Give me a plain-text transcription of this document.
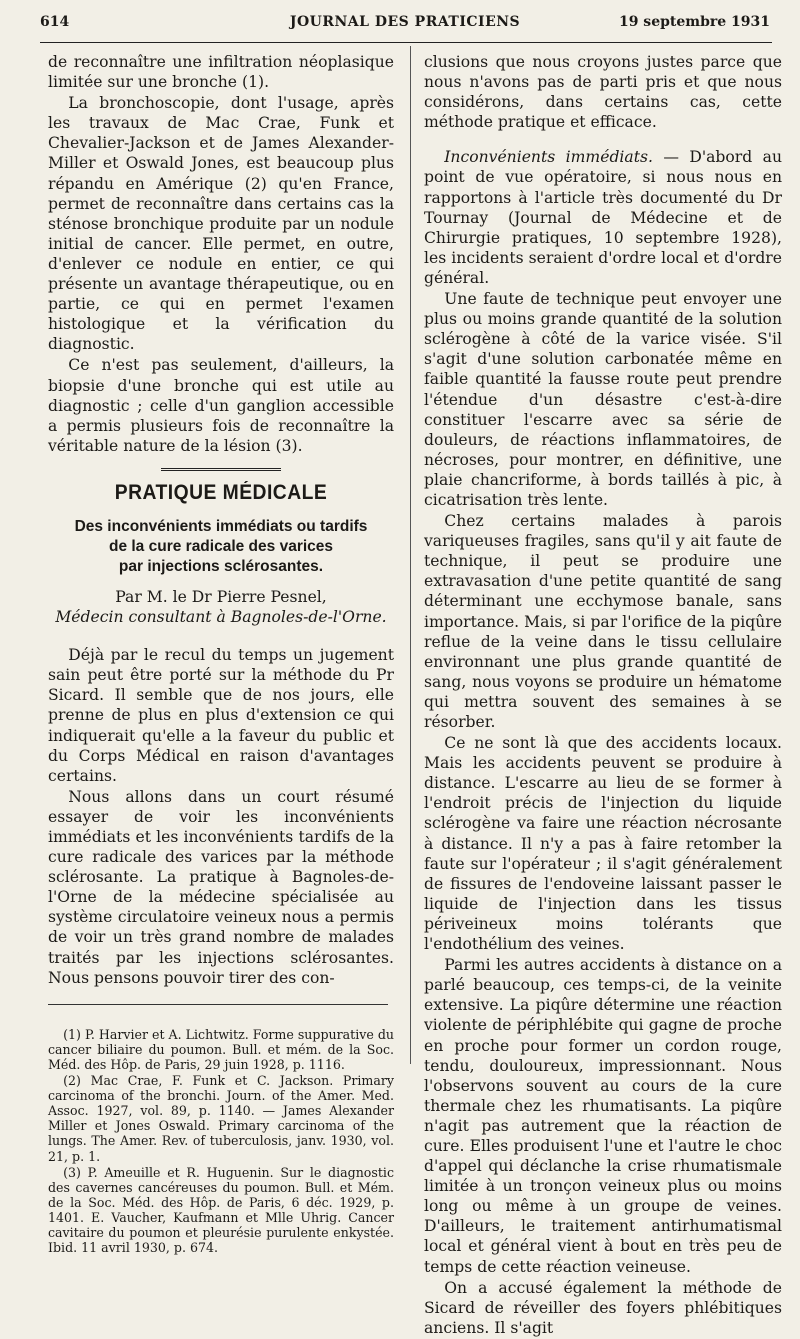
614	JOURNAL DES PRATICIENS	19 septembre 1931

de reconnaître une infiltration néoplasique limitée sur une bronche (1).

La bronchoscopie, dont l'usage, après les travaux de Mac Crae, Funk et Chevalier-Jackson et de James Alexander-Miller et Oswald Jones, est beaucoup plus répandu en Amérique (2) qu'en France, permet de reconnaître dans certains cas la sténose bronchique produite par un nodule initial de cancer. Elle permet, en outre, d'enlever ce nodule en entier, ce qui présente un avantage thérapeutique, ou en partie, ce qui en permet l'examen histologique et la vérification du diagnostic.

Ce n'est pas seulement, d'ailleurs, la biopsie d'une bronche qui est utile au diagnostic ; celle d'un ganglion accessible a permis plusieurs fois de reconnaître la véritable nature de la lésion (3).

PRATIQUE MÉDICALE
Des inconvénients immédiats ou tardifs
de la cure radicale des varices
par injections sclérosantes.

Par M. le Dr Pierre Pesnel,

Médecin consultant à Bagnoles-de-l'Orne.

Déjà par le recul du temps un jugement sain peut être porté sur la méthode du Pr Sicard. Il semble que de nos jours, elle prenne de plus en plus d'extension ce qui indiquerait qu'elle a la faveur du public et du Corps Médical en raison d'avantages certains.

Nous allons dans un court résumé essayer de voir les inconvénients immédiats et les inconvénients tardifs de la cure radicale des varices par la méthode sclérosante. La pratique à Bagnoles-de-l'Orne de la médecine spécialisée au système circulatoire veineux nous a permis de voir un très grand nombre de malades traités par les injections sclérosantes. Nous pensons pouvoir tirer des con-

(1) P. Harvier et A. Lichtwitz. Forme suppurative du cancer biliaire du poumon. Bull. et mém. de la Soc. Méd. des Hôp. de Paris, 29 juin 1928, p. 1116.

(2) Mac Crae, F. Funk et C. Jackson. Primary carcinoma of the bronchi. Journ. of the Amer. Med. Assoc. 1927, vol. 89, p. 1140. — James Alexander Miller et Jones Oswald. Primary carcinoma of the lungs. The Amer. Rev. of tuberculosis, janv. 1930, vol. 21, p. 1.

(3) P. Ameuille et R. Huguenin. Sur le diagnostic des cavernes cancéreuses du poumon. Bull. et Mém. de la Soc. Méd. des Hôp. de Paris, 6 déc. 1929, p. 1401. E. Vaucher, Kaufmann et Mlle Uhrig. Cancer cavitaire du poumon et pleurésie purulente enkystée. Ibid. 11 avril 1930, p. 674.

clusions que nous croyons justes parce que nous n'avons pas de parti pris et que nous considérons, dans certains cas, cette méthode pratique et efficace.

Inconvénients immédiats. — D'abord au point de vue opératoire, si nous nous en rapportons à l'article très documenté du Dr Tournay (Journal de Médecine et de Chirurgie pratiques, 10 septembre 1928), les incidents seraient d'ordre local et d'ordre général.

Une faute de technique peut envoyer une plus ou moins grande quantité de la solution sclérogène à côté de la varice visée. S'il s'agit d'une solution carbonatée même en faible quantité la fausse route peut prendre l'étendue d'un désastre c'est-à-dire constituer l'escarre avec sa série de douleurs, de réactions inflammatoires, de nécroses, pour montrer, en définitive, une plaie chancriforme, à bords taillés à pic, à cicatrisation très lente.

Chez certains malades à parois variqueuses fragiles, sans qu'il y ait faute de technique, il peut se produire une extravasation d'une petite quantité de sang déterminant une ecchymose banale, sans importance. Mais, si par l'orifice de la piqûre reflue de la veine dans le tissu cellulaire environnant une plus grande quantité de sang, nous voyons se produire un hématome qui mettra souvent des semaines à se résorber.

Ce ne sont là que des accidents locaux. Mais les accidents peuvent se produire à distance. L'escarre au lieu de se former à l'endroit précis de l'injection du liquide sclérogène va faire une réaction nécrosante à distance. Il n'y a pas à faire retomber la faute sur l'opérateur ; il s'agit généralement de fissures de l'endoveine laissant passer le liquide de l'injection dans les tissus périveineux moins tolérants que l'endothélium des veines.

Parmi les autres accidents à distance on a parlé beaucoup, ces temps-ci, de la veinite extensive. La piqûre détermine une réaction violente de périphlébite qui gagne de proche en proche pour former un cordon rouge, tendu, douloureux, impressionnant. Nous l'observons souvent au cours de la cure thermale chez les rhumatisants. La piqûre n'agit pas autrement que la réaction de cure. Elles produisent l'une et l'autre le choc d'appel qui déclanche la crise rhumatismale limitée à un tronçon veineux plus ou moins long ou même à un groupe de veines. D'ailleurs, le traitement antirhumatismal local et général vient à bout en très peu de temps de cette réaction veineuse.

On a accusé également la méthode de Sicard de réveiller des foyers phlébitiques anciens. Il s'agit
